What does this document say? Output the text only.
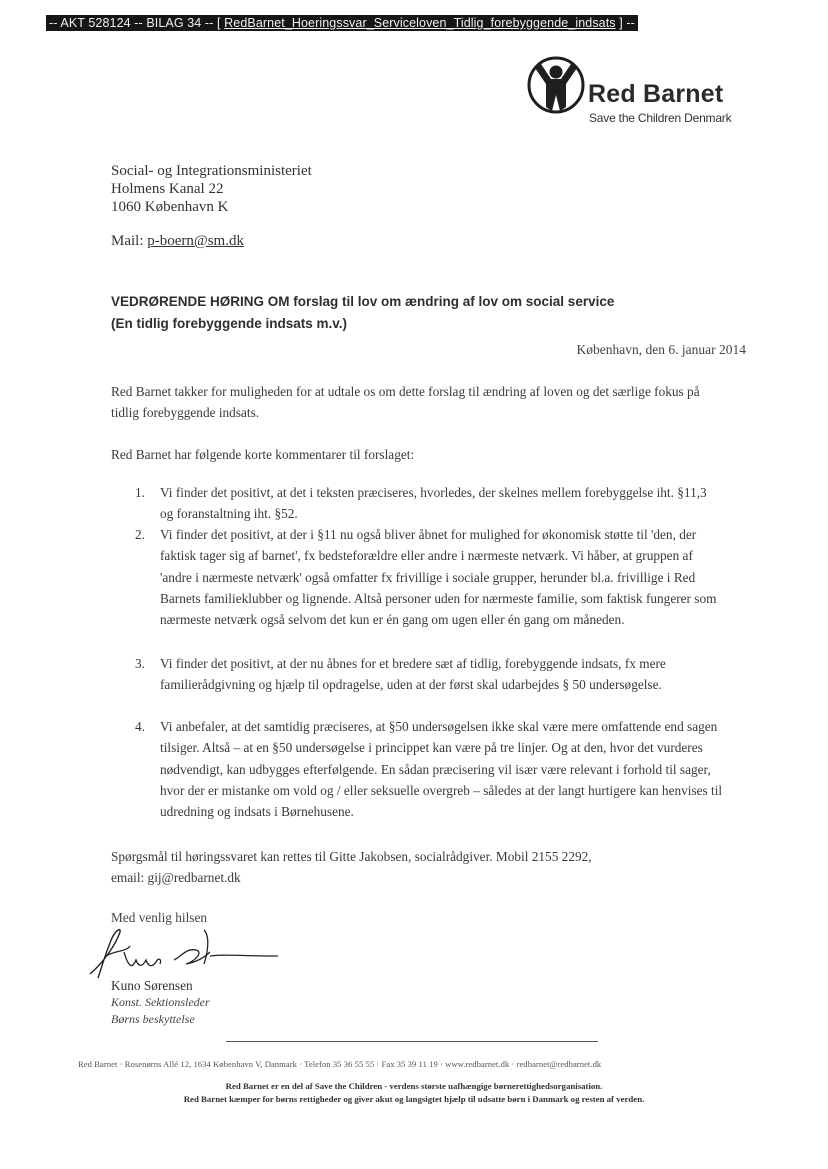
-- AKT 528124 -- BILAG 34 -- [ RedBarnet_Hoeringssvar_Serviceloven_Tidlig_forebyggende_indsats ] --
Red Barnet
Save the Children Denmark
Social- og Integrationsministeriet
Holmens Kanal 22
1060 København K
Mail: p-boern@sm.dk
VEDRØRENDE HØRING OM forslag til lov om ændring af lov om social service
(En tidlig forebyggende indsats m.v.)
København, den 6. januar 2014
Red Barnet takker for muligheden for at udtale os om dette forslag til ændring af loven og det særlige fokus på tidlig forebyggende indsats.
Red Barnet har følgende korte kommentarer til forslaget:
1. Vi finder det positivt, at det i teksten præciseres, hvorledes, der skelnes mellem forebyggelse iht. §11,3 og foranstaltning iht. §52.
2. Vi finder det positivt, at der i §11 nu også bliver åbnet for mulighed for økonomisk støtte til 'den, der faktisk tager sig af barnet', fx bedsteforældre eller andre i nærmeste netværk. Vi håber, at gruppen af 'andre i nærmeste netværk' også omfatter fx frivillige i sociale grupper, herunder bl.a. frivillige i Red Barnets familieklubber og lignende. Altså personer uden for nærmeste familie, som faktisk fungerer som nærmeste netværk også selvom det kun er én gang om ugen eller én gang om måneden.
3. Vi finder det positivt, at der nu åbnes for et bredere sæt af tidlig, forebyggende indsats, fx mere familierådgivning og hjælp til opdragelse, uden at der først skal udarbejdes § 50 undersøgelse.
4. Vi anbefaler, at det samtidig præciseres, at §50 undersøgelsen ikke skal være mere omfattende end sagen tilsiger. Altså – at en §50 undersøgelse i princippet kan være på tre linjer. Og at den, hvor det vurderes nødvendigt, kan udbygges efterfølgende. En sådan præcisering vil især være relevant i forhold til sager, hvor der er mistanke om vold og / eller seksuelle overgreb – således at der langt hurtigere kan henvises til udredning og indsats i Børnehusene.
Spørgsmål til høringssvaret kan rettes til Gitte Jakobsen, socialrådgiver. Mobil 2155 2292,
email: gij@redbarnet.dk
Med venlig hilsen
Kuno Sørensen
Konst. Sektionsleder
Børns beskyttelse
Red Barnet · Rosenørns Allé 12, 1634 København V, Danmark · Telefon 35 36 55 55 · Fax 35 39 11 19 · www.redbarnet.dk · redbarnet@redbarnet.dk
Red Barnet er en del af Save the Children - verdens største uafhængige børnerettighedsorganisation.
Red Barnet kæmper for børns rettigheder og giver akut og langsigtet hjælp til udsatte børn i Danmark og resten af verden.
